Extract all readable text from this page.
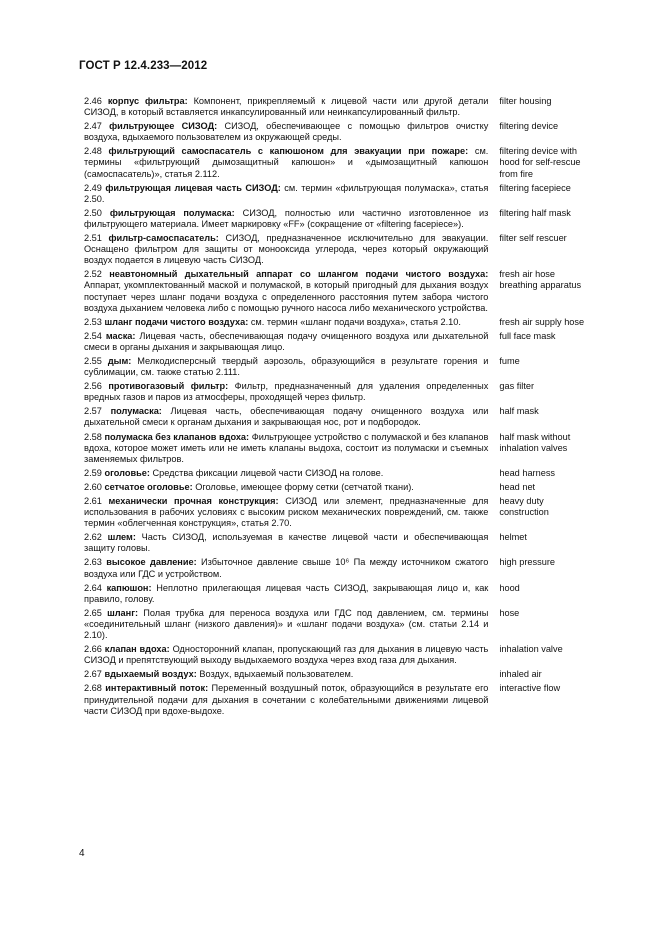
ГОСТ Р 12.4.233—2012
2.46 корпус фильтра: Компонент, прикрепляемый к лицевой части или другой детали СИЗОД, в который вставляется инкапсулированный или неинкапсулированный фильтр.
filter housing
2.47 фильтрующее СИЗОД: СИЗОД, обеспечивающее с помощью фильтров очистку воздуха, вдыхаемого пользователем из окружающей среды.
filtering device
2.48 фильтрующий самоспасатель с капюшоном для эвакуации при пожаре: см. термины «фильтрующий дымозащитный капюшон» и «дымозащитный капюшон (самоспасатель)», статья 2.112.
filtering device with
hood for self-rescue
from fire
2.49 фильтрующая лицевая часть СИЗОД: см. термин «фильтрующая полумаска», статья 2.50.
filtering facepiece
2.50 фильтрующая полумаска: СИЗОД, полностью или частично изготовленное из фильтрующего материала. Имеет маркировку «FF» (сокращение от «filtering facepiece»).
filtering half mask
2.51 фильтр-самоспасатель: СИЗОД, предназначенное исключительно для эвакуации. Оснащено фильтром для защиты от монооксида углерода, через который окружающий воздух подается в лицевую часть СИЗОД.
filter self rescuer
2.52 неавтономный дыхательный аппарат со шлангом подачи чистого воздуха: Аппарат, укомплектованный маской и полумаской, в который пригодный для дыхания воздух поступает через шланг подачи воздуха с определенного расстояния путем забора чистого воздуха дыханием человека либо с помощью ручного насоса либо механического устройства.
fresh air hose
breathing apparatus
2.53 шланг подачи чистого воздуха: см. термин «шланг подачи воздуха», статья 2.10.	fresh air supply hose
2.54 маска: Лицевая часть, обеспечивающая подачу очищенного воздуха или дыхательной смеси в органы дыхания и закрывающая лицо.
full face mask
2.55 дым: Мелкодисперсный твердый аэрозоль, образующийся в результате горения и сублимации, см. также статью 2.111.
fume
2.56 противогазовый фильтр: Фильтр, предназначенный для удаления определенных вредных газов и паров из атмосферы, проходящей через фильтр.
gas filter
2.57 полумаска: Лицевая часть, обеспечивающая подачу очищенного воздуха или дыхательной смеси к органам дыхания и закрывающая нос, рот и подбородок.
half mask
2.58 полумаска без клапанов вдоха: Фильтрующее устройство с полумаской и без клапанов вдоха, которое может иметь или не иметь клапаны выдоха, состоит из полумаски и съемных заменяемых фильтров.
half mask without
inhalation valves
2.59 оголовье: Средства фиксации лицевой части СИЗОД на голове.	head harness
2.60 сетчатое оголовье: Оголовье, имеющее форму сетки (сетчатой ткани).	head net
2.61 механически прочная конструкция: СИЗОД или элемент, предназначенные для использования в рабочих условиях с высоким риском механических повреждений, см. также термин «облегченная конструкция», статья 2.70.
heavy duty
construction
2.62 шлем: Часть СИЗОД, используемая в качестве лицевой части и обеспечивающая защиту головы.
helmet
2.63 высокое давление: Избыточное давление свыше 10⁶ Па между источником сжатого воздуха или ГДС и устройством.
high pressure
2.64 капюшон: Неплотно прилегающая лицевая часть СИЗОД, закрывающая лицо и, как правило, голову.
hood
2.65 шланг: Полая трубка для переноса воздуха или ГДС под давлением, см. термины «соединительный шланг (низкого давления)» и «шланг подачи воздуха» (см. статьи 2.14 и 2.10).
hose
2.66 клапан вдоха: Односторонний клапан, пропускающий газ для дыхания в лицевую часть СИЗОД и препятствующий выходу выдыхаемого воздуха через вход газа для дыхания.
inhalation valve
2.67 вдыхаемый воздух: Воздух, вдыхаемый пользователем.	inhaled air
2.68 интерактивный поток: Переменный воздушный поток, образующийся в результате его принудительной подачи для дыхания в сочетании с колебательными движениями лицевой части СИЗОД при вдохе-выдохе.
interactive flow
4
